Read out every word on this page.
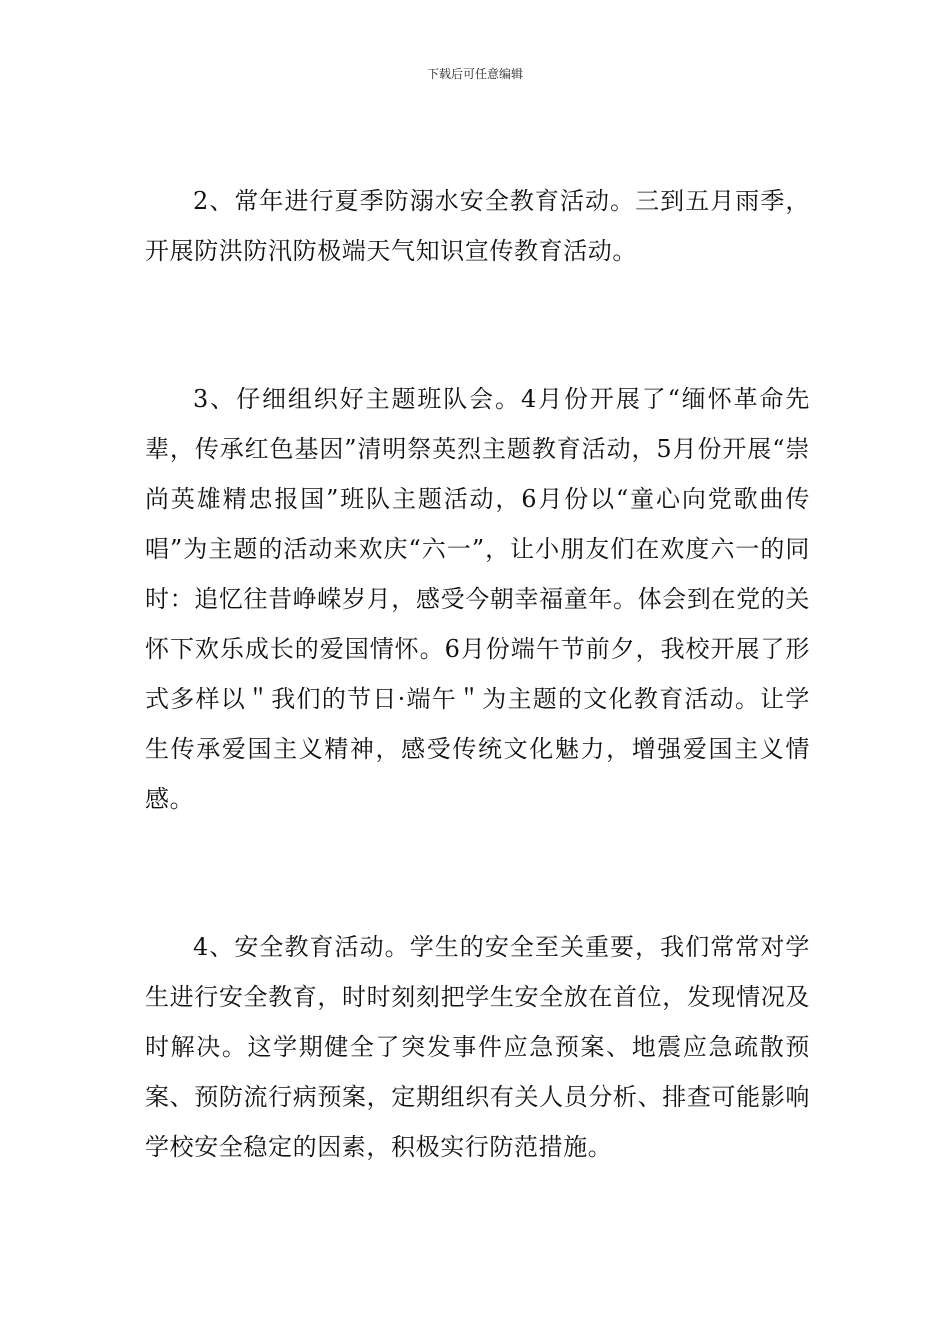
下载后可任意编辑

2、常年进行夏季防溺水安全教育活动。三到五月雨季，开展防洪防汛防极端天气知识宣传教育活动。

3、仔细组织好主题班队会。4月份开展了“缅怀革命先辈，传承红色基因”清明祭英烈主题教育活动，5月份开展“崇尚英雄精忠报国”班队主题活动，6月份以“童心向党歌曲传唱”为主题的活动来欢庆“六一”，让小朋友们在欢度六一的同时：追忆往昔峥嵘岁月，感受今朝幸福童年。体会到在党的关怀下欢乐成长的爱国情怀。6月份端午节前夕，我校开展了形式多样以＂我们的节日·端午＂为主题的文化教育活动。让学生传承爱国主义精神，感受传统文化魅力，增强爱国主义情感。

4、安全教育活动。学生的安全至关重要，我们常常对学生进行安全教育，时时刻刻把学生安全放在首位，发现情况及时解决。这学期健全了突发事件应急预案、地震应急疏散预案、预防流行病预案，定期组织有关人员分析、排查可能影响学校安全稳定的因素，积极实行防范措施。
